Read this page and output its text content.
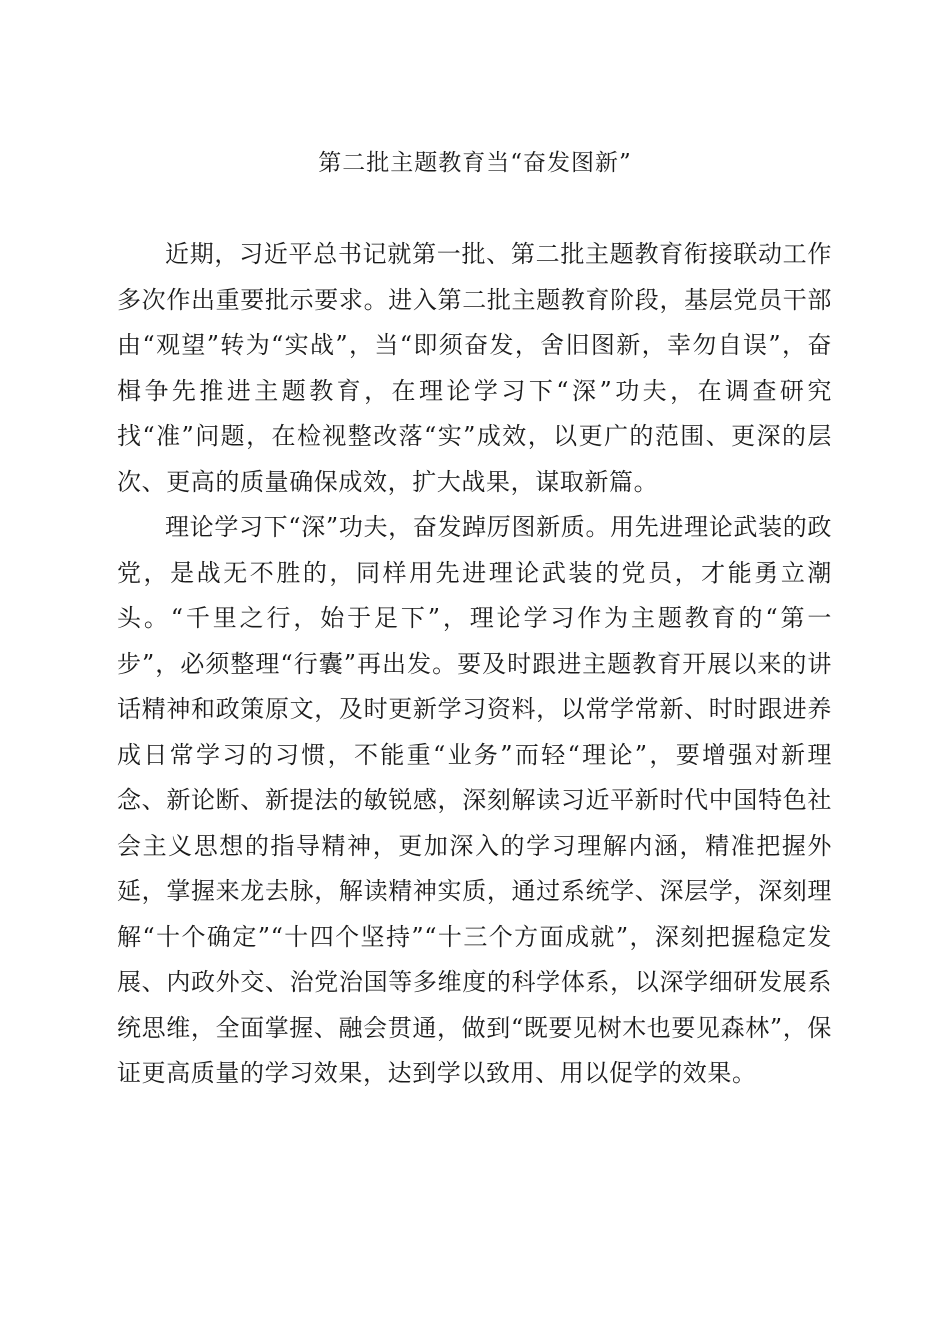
第二批主题教育当“奋发图新”

近期，习近平总书记就第一批、第二批主题教育衔接联动工作多次作出重要批示要求。进入第二批主题教育阶段，基层党员干部由“观望”转为“实战”，当“即须奋发，舍旧图新，幸勿自误”，奋楫争先推进主题教育，在理论学习下“深”功夫，在调查研究找“准”问题，在检视整改落“实”成效，以更广的范围、更深的层次、更高的质量确保成效，扩大战果，谋取新篇。

理论学习下“深”功夫，奋发踔厉图新质。用先进理论武装的政党，是战无不胜的，同样用先进理论武装的党员，才能勇立潮头。“千里之行，始于足下”，理论学习作为主题教育的“第一步”，必须整理“行囊”再出发。要及时跟进主题教育开展以来的讲话精神和政策原文，及时更新学习资料，以常学常新、时时跟进养成日常学习的习惯，不能重“业务”而轻“理论”，要增强对新理念、新论断、新提法的敏锐感，深刻解读习近平新时代中国特色社会主义思想的指导精神，更加深入的学习理解内涵，精准把握外延，掌握来龙去脉，解读精神实质，通过系统学、深层学，深刻理解“十个确定”“十四个坚持”“十三个方面成就”，深刻把握稳定发展、内政外交、治党治国等多维度的科学体系，以深学细研发展系统思维，全面掌握、融会贯通，做到“既要见树木也要见森林”，保证更高质量的学习效果，达到学以致用、用以促学的效果。
